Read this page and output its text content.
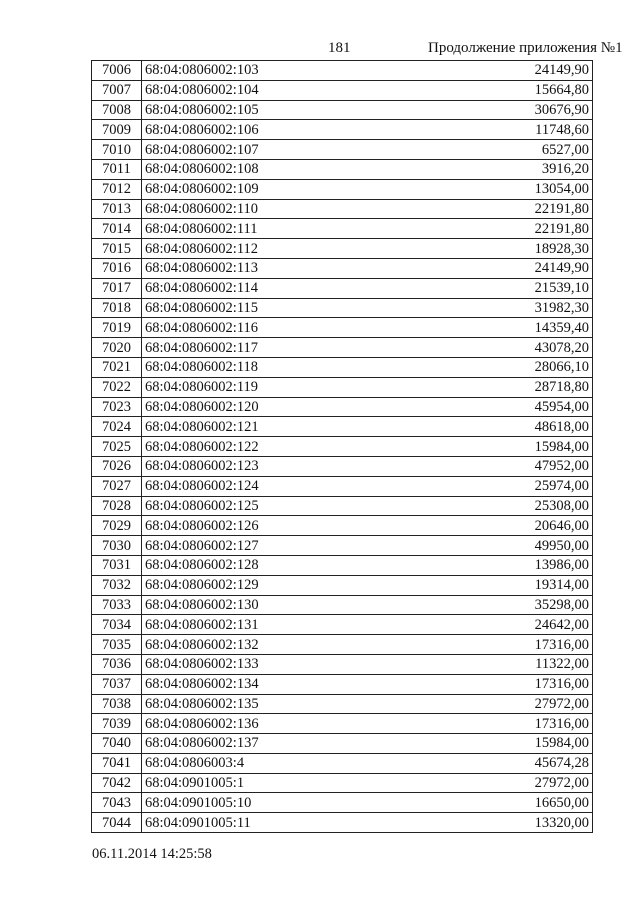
181	Продолжение приложения №1
7006	68:04:0806002:103	24149,90
7007	68:04:0806002:104	15664,80
7008	68:04:0806002:105	30676,90
7009	68:04:0806002:106	11748,60
7010	68:04:0806002:107	6527,00
7011	68:04:0806002:108	3916,20
7012	68:04:0806002:109	13054,00
7013	68:04:0806002:110	22191,80
7014	68:04:0806002:111	22191,80
7015	68:04:0806002:112	18928,30
7016	68:04:0806002:113	24149,90
7017	68:04:0806002:114	21539,10
7018	68:04:0806002:115	31982,30
7019	68:04:0806002:116	14359,40
7020	68:04:0806002:117	43078,20
7021	68:04:0806002:118	28066,10
7022	68:04:0806002:119	28718,80
7023	68:04:0806002:120	45954,00
7024	68:04:0806002:121	48618,00
7025	68:04:0806002:122	15984,00
7026	68:04:0806002:123	47952,00
7027	68:04:0806002:124	25974,00
7028	68:04:0806002:125	25308,00
7029	68:04:0806002:126	20646,00
7030	68:04:0806002:127	49950,00
7031	68:04:0806002:128	13986,00
7032	68:04:0806002:129	19314,00
7033	68:04:0806002:130	35298,00
7034	68:04:0806002:131	24642,00
7035	68:04:0806002:132	17316,00
7036	68:04:0806002:133	11322,00
7037	68:04:0806002:134	17316,00
7038	68:04:0806002:135	27972,00
7039	68:04:0806002:136	17316,00
7040	68:04:0806002:137	15984,00
7041	68:04:0806003:4	45674,28
7042	68:04:0901005:1	27972,00
7043	68:04:0901005:10	16650,00
7044	68:04:0901005:11	13320,00
06.11.2014 14:25:58
